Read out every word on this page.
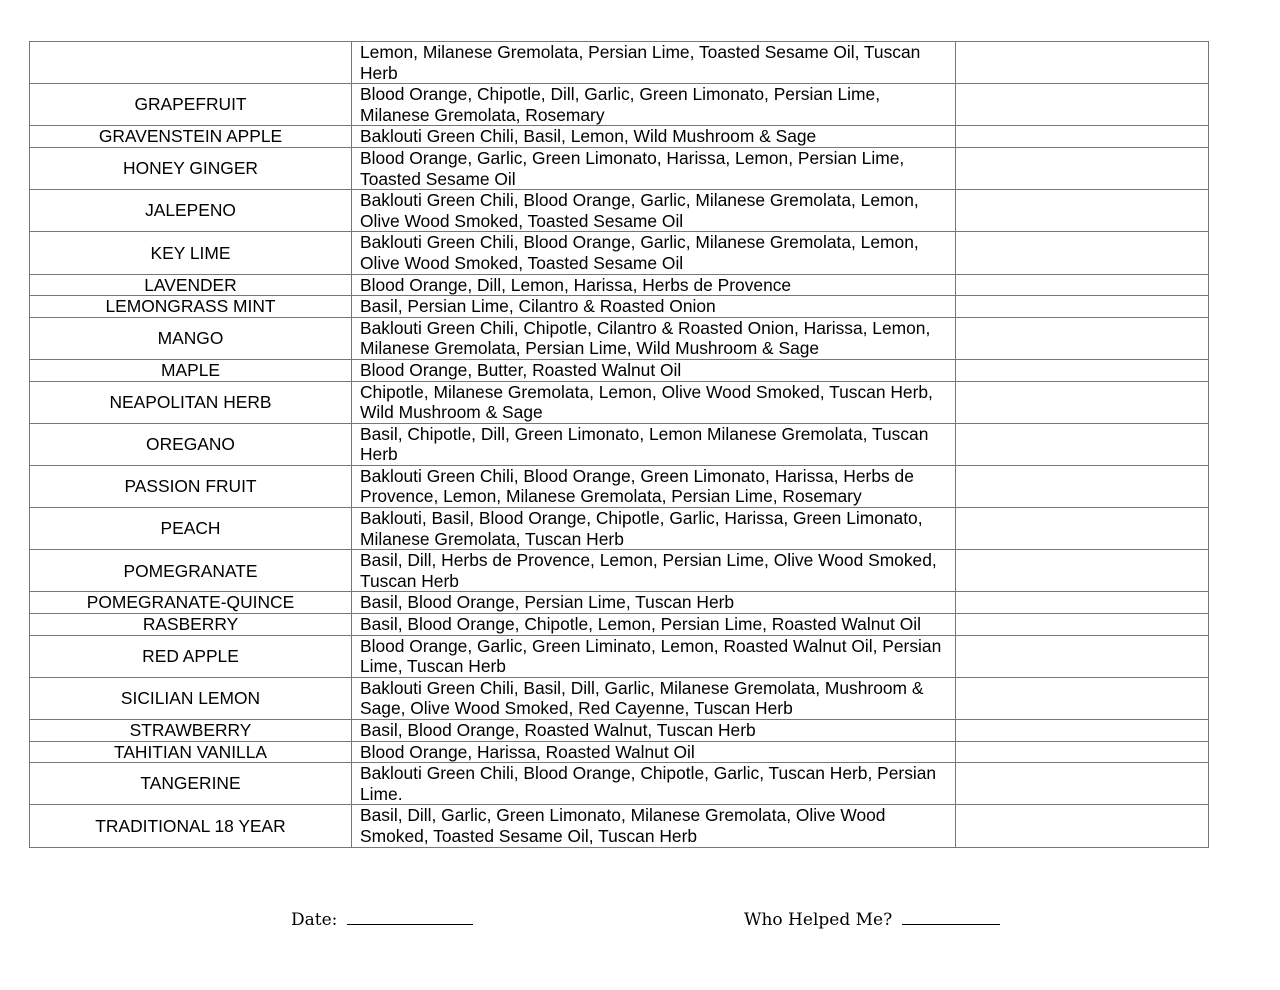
	Lemon, Milanese Gremolata, Persian Lime, Toasted Sesame Oil, Tuscan Herb	
GRAPEFRUIT	Blood Orange, Chipotle, Dill, Garlic, Green Limonato, Persian Lime, Milanese Gremolata, Rosemary	
GRAVENSTEIN APPLE	Baklouti Green Chili, Basil, Lemon, Wild Mushroom & Sage	
HONEY GINGER	Blood Orange, Garlic, Green Limonato, Harissa, Lemon, Persian Lime, Toasted Sesame Oil	
JALEPENO	Baklouti Green Chili, Blood Orange, Garlic, Milanese Gremolata, Lemon, Olive Wood Smoked, Toasted Sesame Oil	
KEY LIME	Baklouti Green Chili, Blood Orange, Garlic, Milanese Gremolata, Lemon, Olive Wood Smoked, Toasted Sesame Oil	
LAVENDER	Blood Orange, Dill, Lemon, Harissa, Herbs de Provence	
LEMONGRASS MINT	Basil, Persian Lime, Cilantro & Roasted Onion	
MANGO	Baklouti Green Chili, Chipotle, Cilantro & Roasted Onion, Harissa, Lemon, Milanese Gremolata, Persian Lime, Wild Mushroom & Sage	
MAPLE	Blood Orange, Butter, Roasted Walnut Oil	
NEAPOLITAN HERB	Chipotle, Milanese Gremolata, Lemon, Olive Wood Smoked, Tuscan Herb, Wild Mushroom & Sage	
OREGANO	Basil, Chipotle, Dill, Green Limonato, Lemon Milanese Gremolata, Tuscan Herb	
PASSION FRUIT	Baklouti Green Chili, Blood Orange, Green Limonato, Harissa, Herbs de Provence, Lemon, Milanese Gremolata, Persian Lime, Rosemary	
PEACH	Baklouti, Basil, Blood Orange, Chipotle, Garlic, Harissa, Green Limonato, Milanese Gremolata, Tuscan Herb	
POMEGRANATE	Basil, Dill, Herbs de Provence, Lemon, Persian Lime, Olive Wood Smoked, Tuscan Herb	
POMEGRANATE-QUINCE	Basil, Blood Orange, Persian Lime, Tuscan Herb	
RASBERRY	Basil, Blood Orange, Chipotle, Lemon, Persian Lime, Roasted Walnut Oil	
RED APPLE	Blood Orange, Garlic, Green Liminato, Lemon, Roasted Walnut Oil, Persian Lime, Tuscan Herb	
SICILIAN LEMON	Baklouti Green Chili, Basil, Dill, Garlic, Milanese Gremolata, Mushroom & Sage, Olive Wood Smoked, Red Cayenne, Tuscan Herb	
STRAWBERRY	Basil, Blood Orange, Roasted Walnut, Tuscan Herb	
TAHITIAN VANILLA	Blood Orange, Harissa, Roasted Walnut Oil	
TANGERINE	Baklouti Green Chili, Blood Orange, Chipotle, Garlic, Tuscan Herb, Persian Lime.	
TRADITIONAL 18 YEAR	Basil, Dill, Garlic, Green Limonato, Milanese Gremolata, Olive Wood Smoked, Toasted Sesame Oil, Tuscan Herb	
Date:	Who Helped Me?
